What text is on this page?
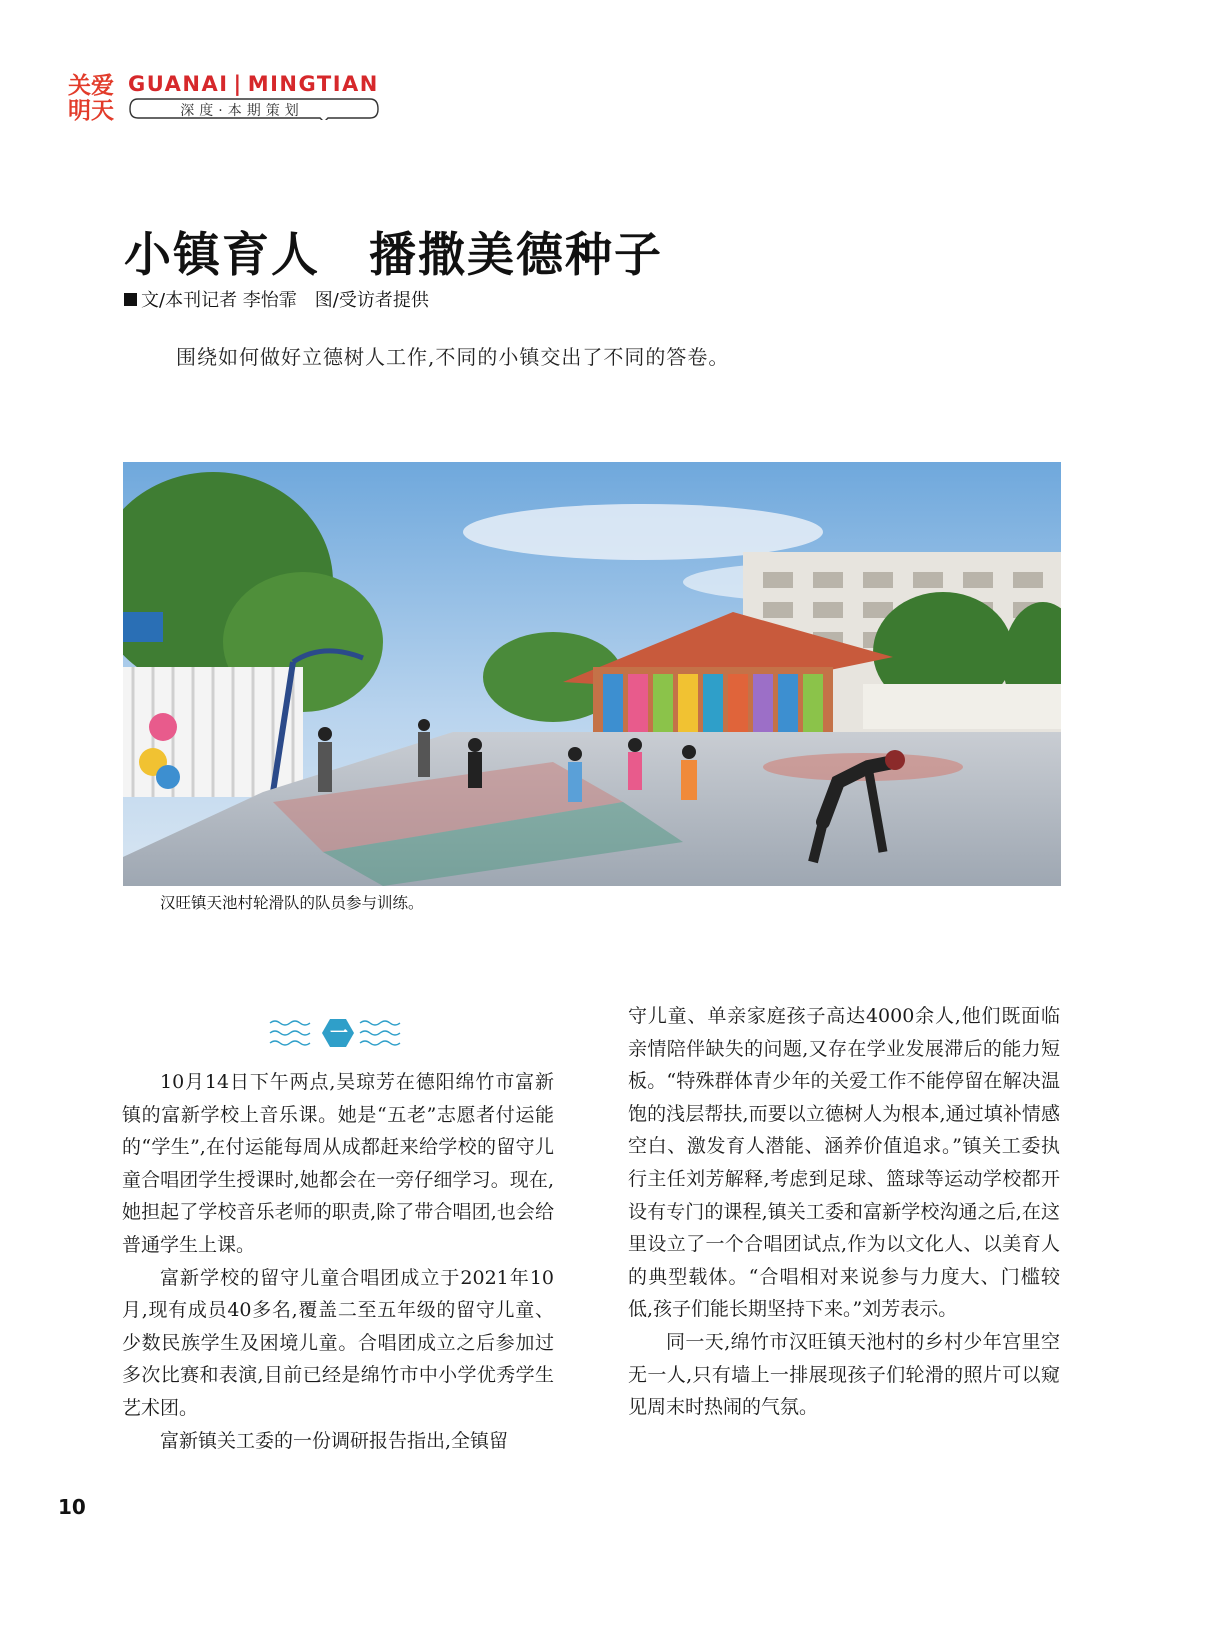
关爱
明天
GUANAI | MINGTIAN
深度·本期策划
小镇育人　播撒美德种子
文/本刊记者 李怡霏　图/受访者提供
围绕如何做好立德树人工作,不同的小镇交出了不同的答卷。
汉旺镇天池村轮滑队的队员参与训练。
一

10月14日下午两点,吴琼芳在德阳绵竹市富新镇的富新学校上音乐课。她是“五老”志愿者付运能的“学生”,在付运能每周从成都赶来给学校的留守儿童合唱团学生授课时,她都会在一旁仔细学习。现在,她担起了学校音乐老师的职责,除了带合唱团,也会给普通学生上课。

富新学校的留守儿童合唱团成立于2021年10月,现有成员40多名,覆盖二至五年级的留守儿童、少数民族学生及困境儿童。合唱团成立之后参加过多次比赛和表演,目前已经是绵竹市中小学优秀学生艺术团。

富新镇关工委的一份调研报告指出,全镇留

守儿童、单亲家庭孩子高达4000余人,他们既面临亲情陪伴缺失的问题,又存在学业发展滞后的能力短板。“特殊群体青少年的关爱工作不能停留在解决温饱的浅层帮扶,而要以立德树人为根本,通过填补情感空白、激发育人潜能、涵养价值追求。”镇关工委执行主任刘芳解释,考虑到足球、篮球等运动学校都开设有专门的课程,镇关工委和富新学校沟通之后,在这里设立了一个合唱团试点,作为以文化人、以美育人的典型载体。“合唱相对来说参与力度大、门槛较低,孩子们能长期坚持下来。”刘芳表示。

同一天,绵竹市汉旺镇天池村的乡村少年宫里空无一人,只有墙上一排展现孩子们轮滑的照片可以窥见周末时热闹的气氛。

10
